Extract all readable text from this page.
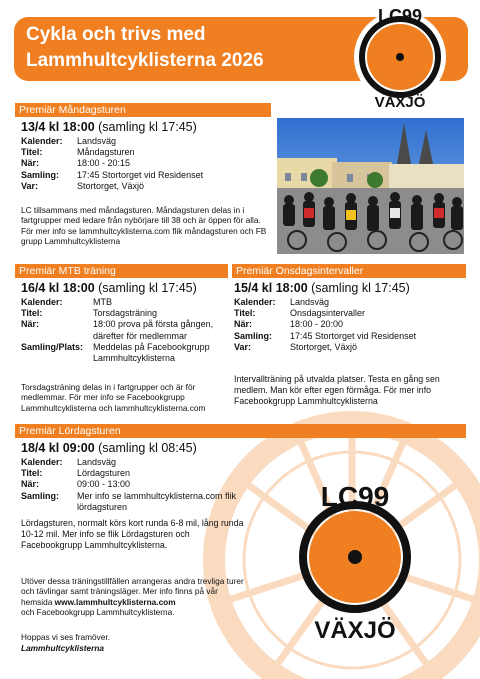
Cykla och trivs med
Lammhultcyklisterna 2026
LC99
VÄXJÖ
Premiär Måndagsturen
13/4 kl 18:00 (samling kl 17:45)
Kalender:	Landsväg
Titel:	Måndagsturen
När:	18:00 - 20:15
Samling:	17:45 Stortorget vid Residenset
Var:	Stortorget, Växjö
LC tillsammans med måndagsturen. Måndagsturen delas in i fartgrupper med ledare från nybörjare till 38 och är öppen för alla. För mer info se lammhultcyklisterna.com flik måndagsturen och FB grupp Lammhultcyklisterna
Premiär MTB träning
16/4 kl 18:00 (samling kl 17:45)
Kalender:	MTB
Titel:	Torsdagsträning
När:	18:00 prova på första gången, därefter för medlemmar
Samling/Plats:	Meddelas på Facebookgrupp Lammhultcyklisterna
Torsdagsträning delas in i fartgrupper och är för medlemmar. För mer info se Facebookgrupp Lammhultcyklisterna och lammhultcyklisterna.com
Premiär Onsdagsintervaller
15/4 kl 18:00 (samling kl 17:45)
Kalender:	Landsväg
Titel:	Onsdagsintervaller
När:	18:00 - 20:00
Samling:	17:45 Stortorget vid Residenset
Var:	Stortorget, Växjö
Intervallträning på utvalda platser. Testa en gång sen medlem. Man kör efter egen förmåga. För mer info Facebookgrupp Lammhultcyklisterna
Premiär Lördagsturen
18/4 kl 09:00 (samling kl 08:45)
Kalender:	Landsväg
Titel:	Lördagsturen
När:	09:00 - 13:00
Samling:	Mer info se lammhultcyklisterna.com flik lördagsturen
Lördagsturen, normalt körs kort runda 6-8 mil, lång runda 10-12 mil. Mer info se flik Lördagsturen och Facebookgrupp Lammhultcyklisterna.
Utöver dessa träningstillfällen arrangeras andra trevliga turer och tävlingar samt träningsläger. Mer info finns på vår hemsida www.lammhultcyklisterna.com
och Facebookgrupp Lammhultcyklisterna.
Hoppas vi ses framöver.
Lammhultcyklisterna
LC99
VÄXJÖ
